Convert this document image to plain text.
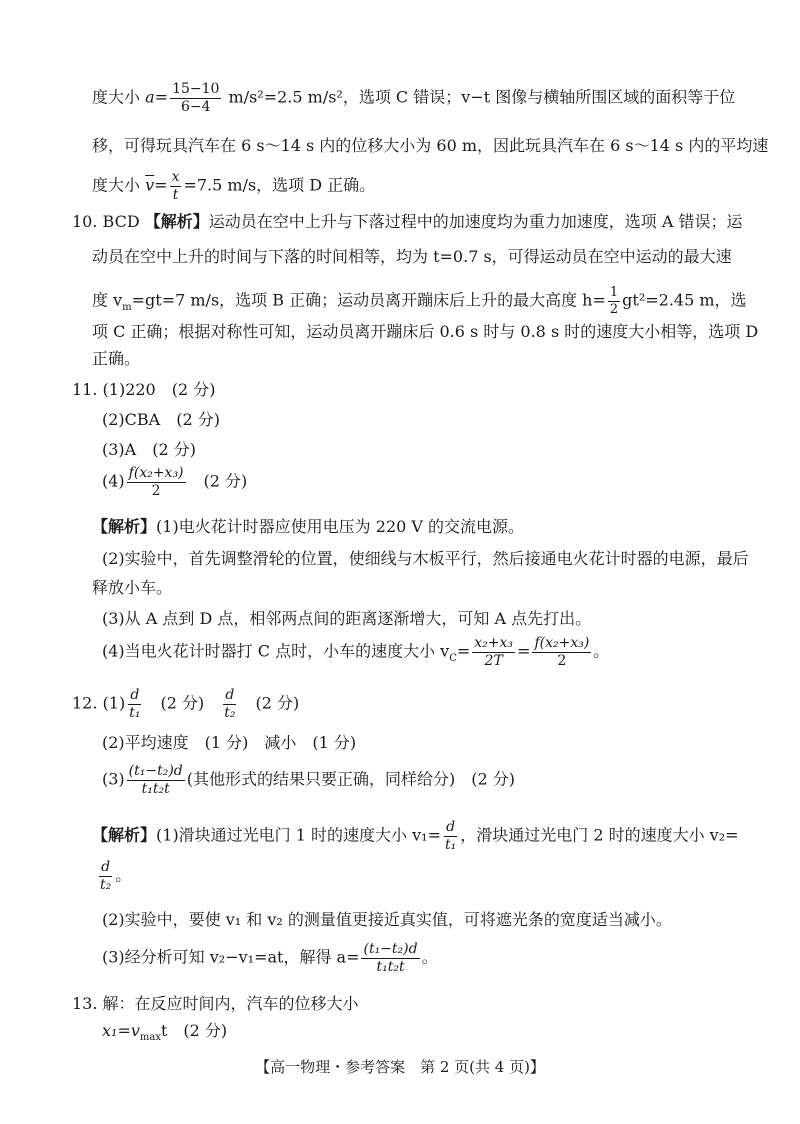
度大小 $a= \frac{15-10}{6-4} m/s^2=2.5$ m/s²，选项 C 错误；v−t 图像与横轴所围区域的面积等于位
移，可得玩具汽车在 6 s～14 s 内的位移大小为 60 m，因此玩具汽车在 6 s～14 s 内的平均速
度大小 $\overline{v}= \frac{x}{t} =7.5$ m/s，选项 D 正确。
10. BCD 【解析】运动员在空中上升与下落过程中的加速度均为重力加速度，选项 A 错误；运
动员在空中上升的时间与下落的时间相等，均为 t=0.7 s，可得运动员在空中运动的最大速
度 $v_m=gt=7$ m/s，选项 B 正确；运动员离开蹦床后上升的最大高度 $h= \frac{1}{2} gt^2=2.45$ m，选
项 C 正确；根据对称性可知，运动员离开蹦床后 0.6 s 时与 0.8 s 时的速度大小相等，选项 D
正确。
11. (1)220　(2 分)
(2)CBA　(2 分)
(3)A　(2 分)
$(4) \frac{\text{f(x₂+x₃)}}{2}$
　 (2 分)
【解析】(1)电火花计时器应使用电压为 220 V 的交流电源。
(2)实验中，首先调整滑轮的位置，使细线与木板平行，然后接通电火花计时器的电源，最后
释放小车。
(3)从 A 点到 D 点，相邻两点间的距离逐渐增大，可知 A 点先打出。
(4)当电火花计时器打 C 点时，小车的速度大小 $v_C= \frac{\text{x₂+x₃}}{2T} = \frac{\text{f(x₂+x₃)}}{2}$ 。
12. $(1) \frac{d}{\text{t₁}}$
　 (2 分)　 $\frac{d}{\text{t₂}}$
　 (2 分)
(2)平均速度　(1 分)　减小　(1 分)
$(3) \frac{\text{(t₁−t₂)d}}{\text{t₁t₂t}}$ (其他形式的结果只要正确，同样给分)　(2 分)
【解析】(1)滑块通过光电门 1 时的速度大小 $v_1= \frac{d}{\text{t₁}}$ ，滑块通过光电门 2 时的速度大小 v₂=
$\frac{d}{\text{t₂}}$ 。
(2)实验中，要使 v₁ 和 v₂ 的测量值更接近真实值，可将遮光条的宽度适当减小。
(3)经分析可知 v₂−v₁=at，解得 $a= \frac{\text{(t₁−t₂)d}}{\text{t₁t₂t}}$ 。
13. 解：在反应时间内，汽车的位移大小
$x_1=v_{max}t$　(2 分)
【高一物理・参考答案　第 2 页(共 4 页)】
